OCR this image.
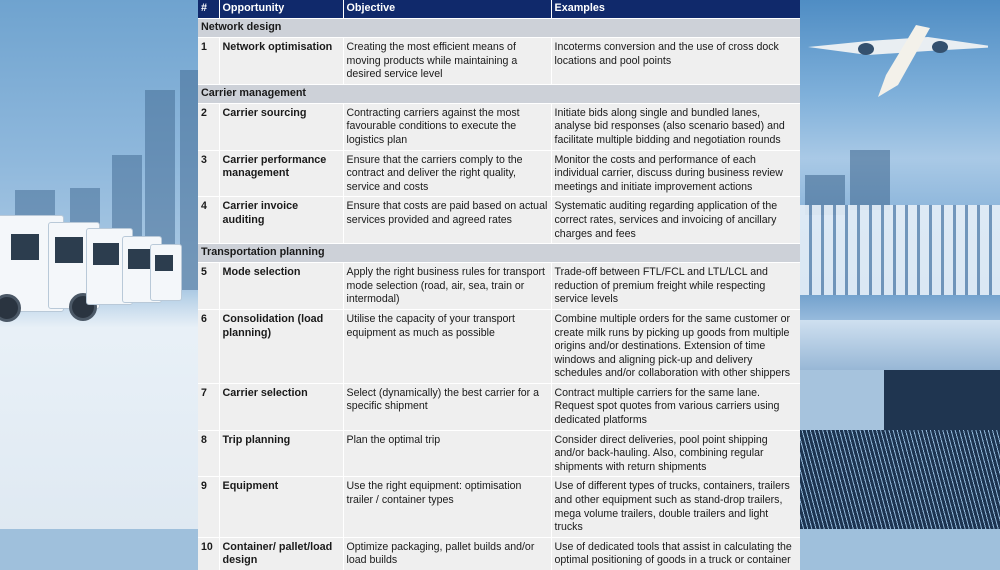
#	Opportunity	Objective	Examples
Network design			
1	Network optimisation	Creating the most efficient means of moving products while maintaining a desired service level	Incoterms conversion and the use of cross dock locations and pool points
Carrier management			
2	Carrier sourcing	Contracting carriers against the most favourable conditions to execute the logistics plan	Initiate bids along single and bundled lanes, analyse bid responses (also scenario based) and facilitate multiple bidding and negotiation rounds
3	Carrier performance management	Ensure that the carriers comply to the contract and deliver the right quality, service and costs	Monitor the costs and performance of each individual carrier, discuss during business review meetings and initiate improvement actions
4	Carrier invoice auditing	Ensure that costs are paid based on actual services provided and agreed rates	Systematic auditing regarding application of the correct rates, services and invoicing of ancillary charges and fees
Transportation planning			
5	Mode selection	Apply the right business rules for transport mode selection (road, air, sea, train or intermodal)	Trade-off between FTL/FCL and LTL/LCL and reduction of premium freight while respecting service levels
6	Consolidation (load planning)	Utilise the capacity of your transport equipment as much as possible	Combine multiple orders for the same customer or create milk runs by picking up goods from multiple origins and/or destinations. Extension of time windows and aligning pick-up and delivery schedules and/or collaboration with other shippers
7	Carrier selection	Select (dynamically) the best carrier for a specific shipment	Contract multiple carriers for the same lane. Request spot quotes from various carriers using dedicated platforms
8	Trip planning	Plan the optimal trip	Consider direct deliveries, pool point shipping and/or back-hauling. Also, combining regular shipments with return shipments
9	Equipment	Use the right equipment: optimisation trailer / container types	Use of different types of trucks, containers, trailers and other equipment such as stand-drop trailers, mega volume trailers, double trailers and light trucks
10	Container/ pallet/load design	Optimize packaging, pallet builds and/or load builds	Use of dedicated tools that assist in calculating the optimal positioning of goods in a truck or container
